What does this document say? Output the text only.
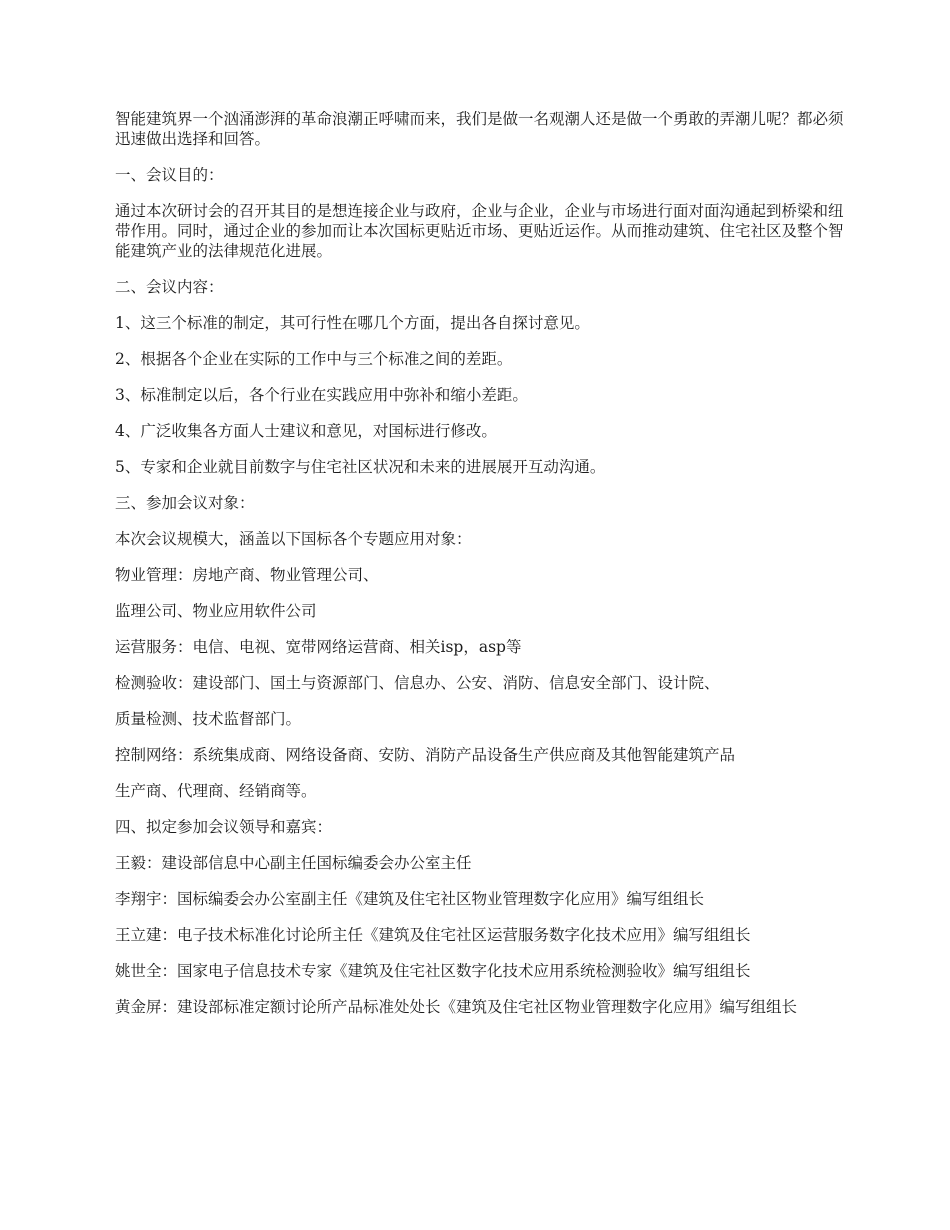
智能建筑界一个汹涌澎湃的革命浪潮正呼啸而来，我们是做一名观潮人还是做一个勇敢的弄潮儿呢？都必须迅速做出选择和回答。

一、会议目的：

通过本次研讨会的召开其目的是想连接企业与政府，企业与企业，企业与市场进行面对面沟通起到桥梁和纽带作用。同时，通过企业的参加而让本次国标更贴近市场、更贴近运作。从而推动建筑、住宅社区及整个智能建筑产业的法律规范化进展。

二、会议内容：

1、这三个标准的制定，其可行性在哪几个方面，提出各自探讨意见。

2、根据各个企业在实际的工作中与三个标准之间的差距。

3、标准制定以后，各个行业在实践应用中弥补和缩小差距。

4、广泛收集各方面人士建议和意见，对国标进行修改。

5、专家和企业就目前数字与住宅社区状况和未来的进展展开互动沟通。

三、参加会议对象：

本次会议规模大，涵盖以下国标各个专题应用对象：

物业管理：房地产商、物业管理公司、

监理公司、物业应用软件公司

运营服务：电信、电视、宽带网络运营商、相关isp，asp等

检测验收：建设部门、国土与资源部门、信息办、公安、消防、信息安全部门、设计院、

质量检测、技术监督部门。

控制网络：系统集成商、网络设备商、安防、消防产品设备生产供应商及其他智能建筑产品

生产商、代理商、经销商等。

四、拟定参加会议领导和嘉宾：

王毅：建设部信息中心副主任国标编委会办公室主任

李翔宇：国标编委会办公室副主任《建筑及住宅社区物业管理数字化应用》编写组组长

王立建：电子技术标准化讨论所主任《建筑及住宅社区运营服务数字化技术应用》编写组组长

姚世全：国家电子信息技术专家《建筑及住宅社区数字化技术应用系统检测验收》编写组组长

黄金屏：建设部标准定额讨论所产品标准处处长《建筑及住宅社区物业管理数字化应用》编写组组长
